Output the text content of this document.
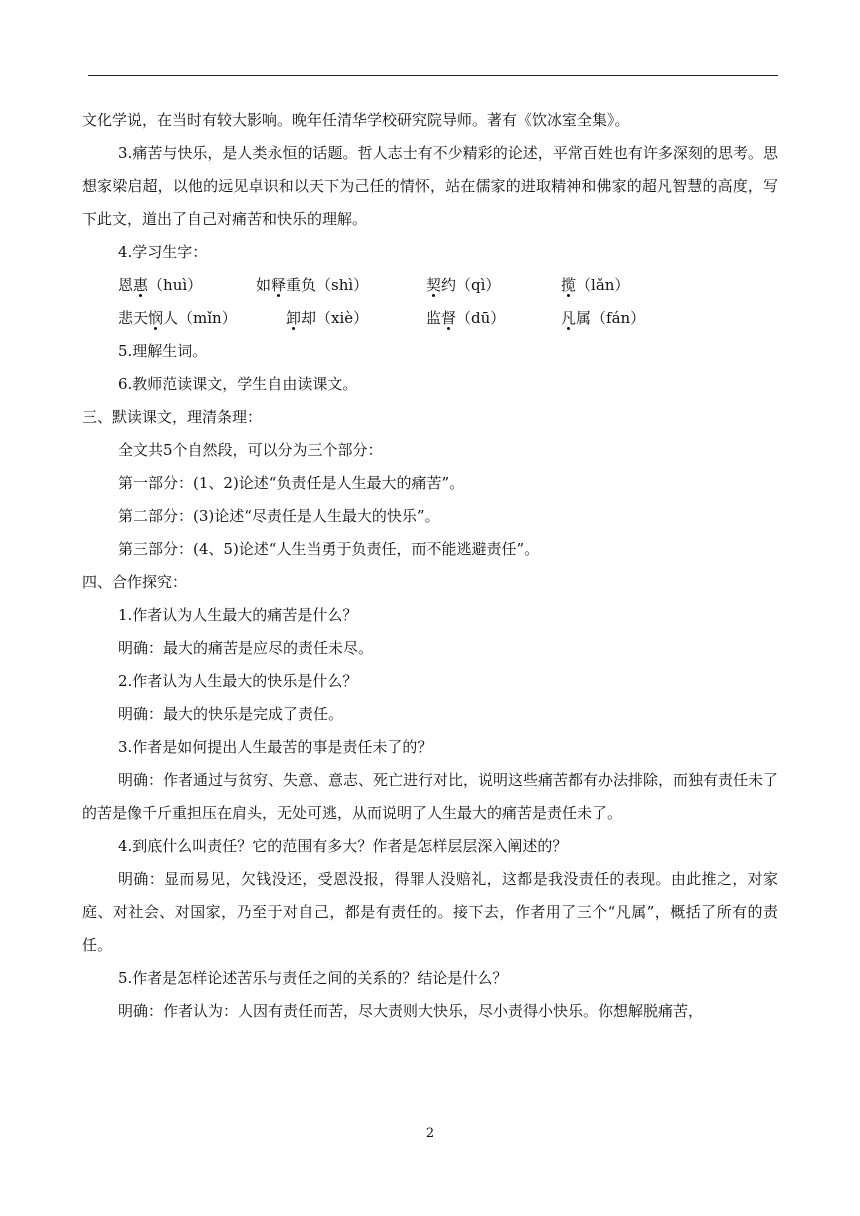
文化学说，在当时有较大影响。晚年任清华学校研究院导师。著有《饮冰室全集》。

3.痛苦与快乐，是人类永恒的话题。哲人志士有不少精彩的论述，平常百姓也有许多深刻的思考。思想家梁启超，以他的远见卓识和以天下为己任的情怀，站在儒家的进取精神和佛家的超凡智慧的高度，写下此文，道出了自己对痛苦和快乐的理解。

4.学习生字：

恩惠（huì）	如释重负（shì）	契约（qì）	揽（lǎn）
悲天悯人（mǐn）	卸却（xiè）	监督（dū）	凡属（fán）

5.理解生词。

6.教师范读课文，学生自由读课文。

三、默读课文，理清条理：

全文共5个自然段，可以分为三个部分：

第一部分：(1、2)论述“负责任是人生最大的痛苦”。

第二部分：(3)论述“尽责任是人生最大的快乐”。

第三部分：(4、5)论述“人生当勇于负责任，而不能逃避责任”。

四、合作探究：

1.作者认为人生最大的痛苦是什么？

明确：最大的痛苦是应尽的责任未尽。

2.作者认为人生最大的快乐是什么？

明确：最大的快乐是完成了责任。

3.作者是如何提出人生最苦的事是责任未了的？

明确：作者通过与贫穷、失意、意志、死亡进行对比，说明这些痛苦都有办法排除，而独有责任未了的苦是像千斤重担压在肩头，无处可逃，从而说明了人生最大的痛苦是责任未了。

4.到底什么叫责任？它的范围有多大？作者是怎样层层深入阐述的？

明确：显而易见，欠钱没还，受恩没报，得罪人没赔礼，这都是我没责任的表现。由此推之，对家庭、对社会、对国家，乃至于对自己，都是有责任的。接下去，作者用了三个“凡属”，概括了所有的责任。

5.作者是怎样论述苦乐与责任之间的关系的？结论是什么？

明确：作者认为：人因有责任而苦，尽大责则大快乐，尽小责得小快乐。你想解脱痛苦，

2
